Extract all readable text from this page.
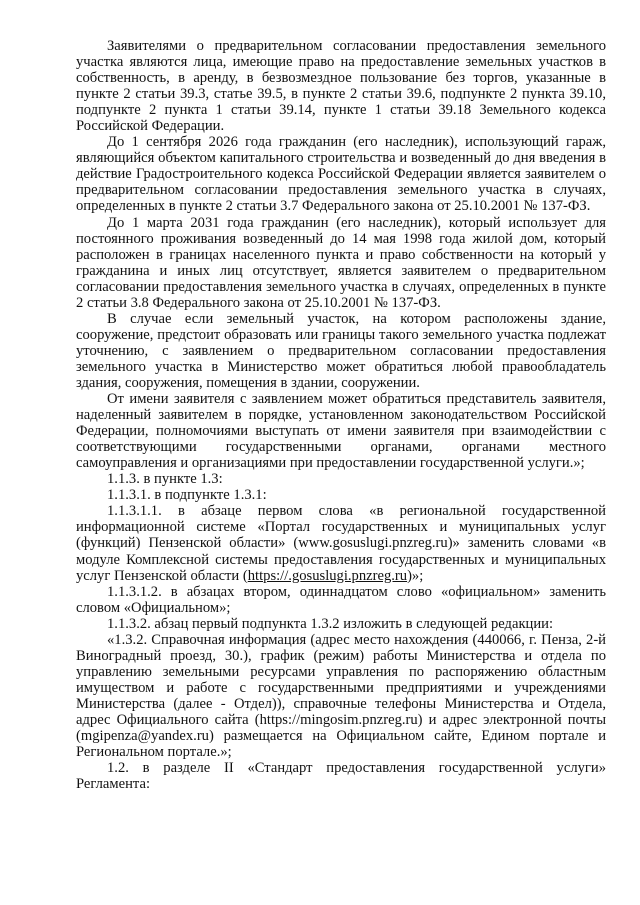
Заявителями о предварительном согласовании предоставления земельного участка являются лица, имеющие право на предоставление земельных участков в собственность, в аренду, в безвозмездное пользование без торгов, указанные в пункте 2 статьи 39.3, статье 39.5, в пункте 2 статьи 39.6, подпункте 2 пункта 39.10, подпункте 2 пункта 1 статьи 39.14, пункте 1 статьи 39.18 Земельного кодекса Российской Федерации.

До 1 сентября 2026 года гражданин (его наследник), использующий гараж, являющийся объектом капитального строительства и возведенный до дня введения в действие Градостроительного кодекса Российской Федерации является заявителем о предварительном согласовании предоставления земельного участка в случаях, определенных в пункте 2 статьи 3.7 Федерального закона от 25.10.2001 № 137-ФЗ.

До 1 марта 2031 года гражданин (его наследник), который использует для постоянного проживания возведенный до 14 мая 1998 года жилой дом, который расположен в границах населенного пункта и право собственности на который у гражданина и иных лиц отсутствует, является заявителем о предварительном согласовании предоставления земельного участка в случаях, определенных в пункте 2 статьи 3.8 Федерального закона от 25.10.2001 № 137-ФЗ.

В случае если земельный участок, на котором расположены здание, сооружение, предстоит образовать или границы такого земельного участка подлежат уточнению, с заявлением о предварительном согласовании предоставления земельного участка в Министерство может обратиться любой правообладатель здания, сооружения, помещения в здании, сооружении.

От имени заявителя с заявлением может обратиться представитель заявителя, наделенный заявителем в порядке, установленном законодательством Российской Федерации, полномочиями выступать от имени заявителя при взаимодействии с соответствующими государственными органами, органами местного самоуправления и организациями при предоставлении государственной услуги.»;

1.1.3. в пункте 1.3:

1.1.3.1. в подпункте 1.3.1:

1.1.3.1.1. в абзаце первом слова «в региональной государственной информационной системе «Портал государственных и муниципальных услуг (функций) Пензенской области» (www.gosuslugi.pnzreg.ru)» заменить словами «в модуле Комплексной системы предоставления государственных и муниципальных услуг Пензенской области (https://.gosuslugi.pnzreg.ru)»;

1.1.3.1.2. в абзацах втором, одиннадцатом слово «официальном» заменить словом «Официальном»;

1.1.3.2. абзац первый подпункта 1.3.2 изложить в следующей редакции:

«1.3.2. Справочная информация (адрес место нахождения (440066, г. Пенза, 2-й Виноградный проезд, 30.), график (режим) работы Министерства и отдела по управлению земельными ресурсами управления по распоряжению областным имуществом и работе с государственными предприятиями и учреждениями Министерства (далее - Отдел)), справочные телефоны Министерства и Отдела, адрес Официального сайта (https://mingosim.pnzreg.ru) и адрес электронной почты (mgipenza@yandex.ru) размещается на Официальном сайте, Едином портале и Региональном портале.»;

1.2. в разделе II «Стандарт предоставления государственной услуги» Регламента:
